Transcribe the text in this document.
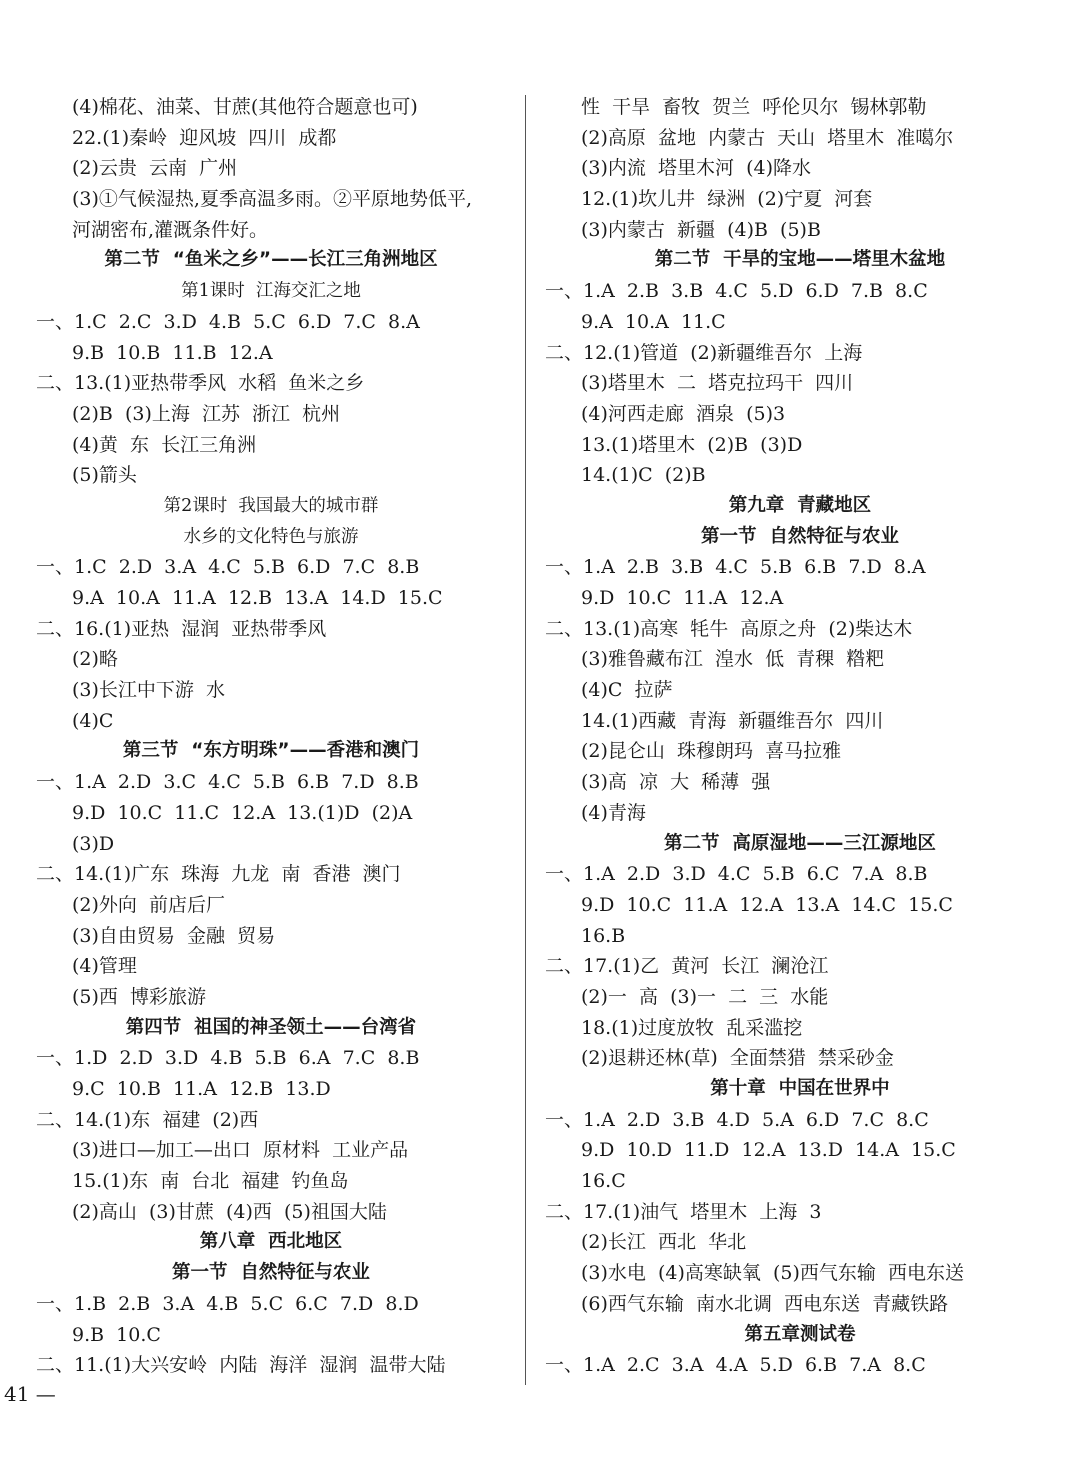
(4)棉花、油菜、甘蔗(其他符合题意也可)
22.(1)秦岭  迎风坡  四川  成都
(2)云贵  云南  广州
(3)①气候湿热,夏季高温多雨。②平原地势低平,
河湖密布,灌溉条件好。
第二节  “鱼米之乡”——长江三角洲地区
第1课时  江海交汇之地
一、1.C  2.C  3.D  4.B  5.C  6.D  7.C  8.A
9.B  10.B  11.B  12.A
二、13.(1)亚热带季风  水稻  鱼米之乡
(2)B  (3)上海  江苏  浙江  杭州
(4)黄  东  长江三角洲
(5)箭头
第2课时  我国最大的城市群
水乡的文化特色与旅游
一、1.C  2.D  3.A  4.C  5.B  6.D  7.C  8.B
9.A  10.A  11.A  12.B  13.A  14.D  15.C
二、16.(1)亚热  湿润  亚热带季风
(2)略
(3)长江中下游  水
(4)C
第三节  “东方明珠”——香港和澳门
一、1.A  2.D  3.C  4.C  5.B  6.B  7.D  8.B
9.D  10.C  11.C  12.A  13.(1)D  (2)A
(3)D
二、14.(1)广东  珠海  九龙  南  香港  澳门
(2)外向  前店后厂
(3)自由贸易  金融  贸易
(4)管理
(5)西  博彩旅游
第四节  祖国的神圣领土——台湾省
一、1.D  2.D  3.D  4.B  5.B  6.A  7.C  8.B
9.C  10.B  11.A  12.B  13.D
二、14.(1)东  福建  (2)西
(3)进口—加工—出口  原材料  工业产品
15.(1)东  南  台北  福建  钓鱼岛
(2)高山  (3)甘蔗  (4)西  (5)祖国大陆
第八章  西北地区
第一节  自然特征与农业
一、1.B  2.B  3.A  4.B  5.C  6.C  7.D  8.D
9.B  10.C
二、11.(1)大兴安岭  内陆  海洋  湿润  温带大陆
性  干旱  畜牧  贺兰  呼伦贝尔  锡林郭勒
(2)高原  盆地  内蒙古  天山  塔里木  准噶尔
(3)内流  塔里木河  (4)降水
12.(1)坎儿井  绿洲  (2)宁夏  河套
(3)内蒙古  新疆  (4)B  (5)B
第二节  干旱的宝地——塔里木盆地
一、1.A  2.B  3.B  4.C  5.D  6.D  7.B  8.C
9.A  10.A  11.C
二、12.(1)管道  (2)新疆维吾尔  上海
(3)塔里木  二  塔克拉玛干  四川
(4)河西走廊  酒泉  (5)3
13.(1)塔里木  (2)B  (3)D
14.(1)C  (2)B
第九章  青藏地区
第一节  自然特征与农业
一、1.A  2.B  3.B  4.C  5.B  6.B  7.D  8.A
9.D  10.C  11.A  12.A
二、13.(1)高寒  牦牛  高原之舟  (2)柴达木
(3)雅鲁藏布江  湟水  低  青稞  糌粑
(4)C  拉萨
14.(1)西藏  青海  新疆维吾尔  四川
(2)昆仑山  珠穆朗玛  喜马拉雅
(3)高  凉  大  稀薄  强
(4)青海
第二节  高原湿地——三江源地区
一、1.A  2.D  3.D  4.C  5.B  6.C  7.A  8.B
9.D  10.C  11.A  12.A  13.A  14.C  15.C
16.B
二、17.(1)乙  黄河  长江  澜沧江
(2)一  高  (3)一  二  三  水能
18.(1)过度放牧  乱采滥挖
(2)退耕还林(草)  全面禁猎  禁采砂金
第十章  中国在世界中
一、1.A  2.D  3.B  4.D  5.A  6.D  7.C  8.C
9.D  10.D  11.D  12.A  13.D  14.A  15.C
16.C
二、17.(1)油气  塔里木  上海  3
(2)长江  西北  华北
(3)水电  (4)高寒缺氧  (5)西气东输  西电东送
(6)西气东输  南水北调  西电东送  青藏铁路
第五章测试卷
一、1.A  2.C  3.A  4.A  5.D  6.B  7.A  8.C
41 —
